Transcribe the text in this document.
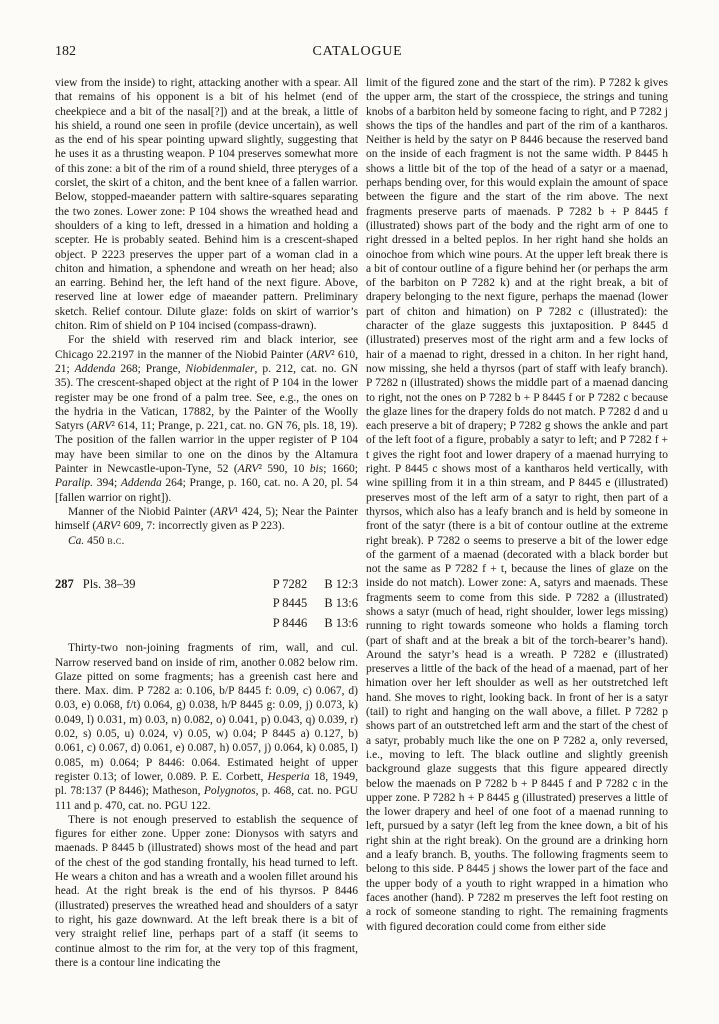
182	CATALOGUE

view from the inside) to right, attacking another with a spear. All that remains of his opponent is a bit of his helmet (end of cheekpiece and a bit of the nasal[?]) and at the break, a little of his shield, a round one seen in profile (device uncertain), as well as the end of his spear pointing upward slightly, suggesting that he uses it as a thrusting weapon. P 104 preserves somewhat more of this zone: a bit of the rim of a round shield, three pteryges of a corslet, the skirt of a chiton, and the bent knee of a fallen warrior. Below, stopped-maeander pattern with saltire-squares separating the two zones. Lower zone: P 104 shows the wreathed head and shoulders of a king to left, dressed in a himation and holding a scepter. He is probably seated. Behind him is a crescent-shaped object. P 2223 preserves the upper part of a woman clad in a chiton and himation, a sphendone and wreath on her head; also an earring. Behind her, the left hand of the next figure. Above, reserved line at lower edge of maeander pattern. Preliminary sketch. Relief contour. Dilute glaze: folds on skirt of warrior’s chiton. Rim of shield on P 104 incised (compass-drawn).

For the shield with reserved rim and black interior, see Chicago 22.2197 in the manner of the Niobid Painter (ARV² 610, 21; Addenda 268; Prange, Niobidenmaler, p. 212, cat. no. GN 35). The crescent-shaped object at the right of P 104 in the lower register may be one frond of a palm tree. See, e.g., the ones on the hydria in the Vatican, 17882, by the Painter of the Woolly Satyrs (ARV² 614, 11; Prange, p. 221, cat. no. GN 76, pls. 18, 19). The position of the fallen warrior in the upper register of P 104 may have been similar to one on the dinos by the Altamura Painter in Newcastle-upon-Tyne, 52 (ARV² 590, 10 bis; 1660; Paralip. 394; Addenda 264; Prange, p. 160, cat. no. A 20, pl. 54 [fallen warrior on right]).

Manner of the Niobid Painter (ARV¹ 424, 5); Near the Painter himself (ARV² 609, 7: incorrectly given as P 223).

Ca. 450 b.c.

287 Pls. 38–39	P 7282 B 12:3
P 8445 B 13:6
P 8446 B 13:6

Thirty-two non-joining fragments of rim, wall, and cul. Narrow reserved band on inside of rim, another 0.082 below rim. Glaze pitted on some fragments; has a greenish cast here and there. Max. dim. P 7282 a: 0.106, b/P 8445 f: 0.09, c) 0.067, d) 0.03, e) 0.068, f/t) 0.064, g) 0.038, h/P 8445 g: 0.09, j) 0.073, k) 0.049, l) 0.031, m) 0.03, n) 0.082, o) 0.041, p) 0.043, q) 0.039, r) 0.02, s) 0.05, u) 0.024, v) 0.05, w) 0.04; P 8445 a) 0.127, b) 0.061, c) 0.067, d) 0.061, e) 0.087, h) 0.057, j) 0.064, k) 0.085, l) 0.085, m) 0.064; P 8446: 0.064. Estimated height of upper register 0.13; of lower, 0.089. P. E. Corbett, Hesperia 18, 1949, pl. 78:137 (P 8446); Matheson, Polygnotos, p. 468, cat. no. PGU 111 and p. 470, cat. no. PGU 122.

There is not enough preserved to establish the sequence of figures for either zone. Upper zone: Dionysos with satyrs and maenads. P 8445 b (illustrated) shows most of the head and part of the chest of the god standing frontally, his head turned to left. He wears a chiton and has a wreath and a woolen fillet around his head. At the right break is the end of his thyrsos. P 8446 (illustrated) preserves the wreathed head and shoulders of a satyr to right, his gaze downward. At the left break there is a bit of very straight relief line, perhaps part of a staff (it seems to continue almost to the rim for, at the very top of this fragment, there is a contour line indicating the

limit of the figured zone and the start of the rim). P 7282 k gives the upper arm, the start of the crosspiece, the strings and tuning knobs of a barbiton held by someone facing to right, and P 7282 j shows the tips of the handles and part of the rim of a kantharos. Neither is held by the satyr on P 8446 because the reserved band on the inside of each fragment is not the same width. P 8445 h shows a little bit of the top of the head of a satyr or a maenad, perhaps bending over, for this would explain the amount of space between the figure and the start of the rim above. The next fragments preserve parts of maenads. P 7282 b + P 8445 f (illustrated) shows part of the body and the right arm of one to right dressed in a belted peplos. In her right hand she holds an oinochoe from which wine pours. At the upper left break there is a bit of contour outline of a figure behind her (or perhaps the arm of the barbiton on P 7282 k) and at the right break, a bit of drapery belonging to the next figure, perhaps the maenad (lower part of chiton and himation) on P 7282 c (illustrated): the character of the glaze suggests this juxtaposition. P 8445 d (illustrated) preserves most of the right arm and a few locks of hair of a maenad to right, dressed in a chiton. In her right hand, now missing, she held a thyrsos (part of staff with leafy branch). P 7282 n (illustrated) shows the middle part of a maenad dancing to right, not the ones on P 7282 b + P 8445 f or P 7282 c because the glaze lines for the drapery folds do not match. P 7282 d and u each preserve a bit of drapery; P 7282 g shows the ankle and part of the left foot of a figure, probably a satyr to left; and P 7282 f + t gives the right foot and lower drapery of a maenad hurrying to right. P 8445 c shows most of a kantharos held vertically, with wine spilling from it in a thin stream, and P 8445 e (illustrated) preserves most of the left arm of a satyr to right, then part of a thyrsos, which also has a leafy branch and is held by someone in front of the satyr (there is a bit of contour outline at the extreme right break). P 7282 o seems to preserve a bit of the lower edge of the garment of a maenad (decorated with a black border but not the same as P 7282 f + t, because the lines of glaze on the inside do not match). Lower zone: A, satyrs and maenads. These fragments seem to come from this side. P 7282 a (illustrated) shows a satyr (much of head, right shoulder, lower legs missing) running to right towards someone who holds a flaming torch (part of shaft and at the break a bit of the torch-bearer’s hand). Around the satyr’s head is a wreath. P 7282 e (illustrated) preserves a little of the back of the head of a maenad, part of her himation over her left shoulder as well as her outstretched left hand. She moves to right, looking back. In front of her is a satyr (tail) to right and hanging on the wall above, a fillet. P 7282 p shows part of an outstretched left arm and the start of the chest of a satyr, probably much like the one on P 7282 a, only reversed, i.e., moving to left. The black outline and slightly greenish background glaze suggests that this figure appeared directly below the maenads on P 7282 b + P 8445 f and P 7282 c in the upper zone. P 7282 h + P 8445 g (illustrated) preserves a little of the lower drapery and heel of one foot of a maenad running to left, pursued by a satyr (left leg from the knee down, a bit of his right shin at the right break). On the ground are a drinking horn and a leafy branch. B, youths. The following fragments seem to belong to this side. P 8445 j shows the lower part of the face and the upper body of a youth to right wrapped in a himation who faces another (hand). P 7282 m preserves the left foot resting on a rock of someone standing to right. The remaining fragments with figured decoration could come from either side
